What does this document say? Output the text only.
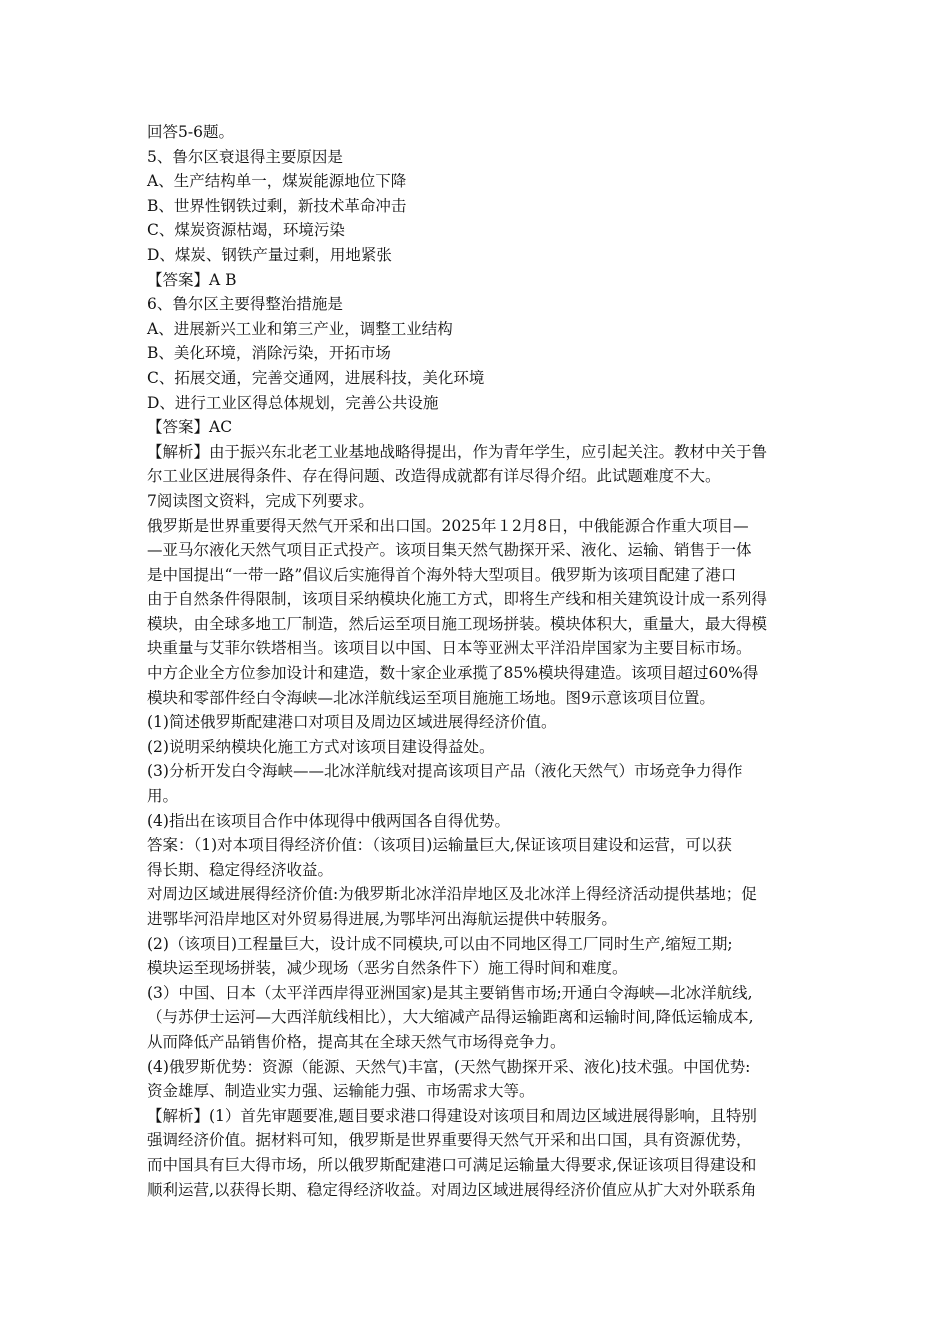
回答5-6题。
5、鲁尔区衰退得主要原因是
A、生产结构单一，煤炭能源地位下降
B、世界性钢铁过剩，新技术革命冲击
C、煤炭资源枯竭，环境污染
D、煤炭、钢铁产量过剩，用地紧张
【答案】A B
6、鲁尔区主要得整治措施是
A、进展新兴工业和第三产业，调整工业结构
B、美化环境，消除污染，开拓市场
C、拓展交通，完善交通网，进展科技，美化环境
D、进行工业区得总体规划，完善公共设施
【答案】AC
【解析】由于振兴东北老工业基地战略得提出，作为青年学生，应引起关注。教材中关于鲁
尔工业区进展得条件、存在得问题、改造得成就都有详尽得介绍。此试题难度不大。
7阅读图文资料，完成下列要求。
俄罗斯是世界重要得天然气开采和出口国。2025年１2月8日，中俄能源合作重大项目—
—亚马尔液化天然气项目正式投产。该项目集天然气勘探开采、液化、运输、销售于一体
是中国提出“一带一路”倡议后实施得首个海外特大型项目。俄罗斯为该项目配建了港口
由于自然条件得限制，该项目采纳模块化施工方式，即将生产线和相关建筑设计成一系列得
模块，由全球多地工厂制造，然后运至项目施工现场拼装。模块体积大，重量大，最大得模
块重量与艾菲尔铁塔相当。该项目以中国、日本等亚洲太平洋沿岸国家为主要目标市场。
中方企业全方位参加设计和建造，数十家企业承揽了85%模块得建造。该项目超过60%得
模块和零部件经白令海峡—北冰洋航线运至项目施施工场地。图9示意该项目位置。
(1)简述俄罗斯配建港口对项目及周边区域进展得经济价值。
(2)说明采纳模块化施工方式对该项目建设得益处。
(3)分析开发白令海峡——北冰洋航线对提高该项目产品（液化天然气）市场竞争力得作
用。
(4)指出在该项目合作中体现得中俄两国各自得优势。
答案：（1)对本项目得经济价值：（该项目)运输量巨大,保证该项目建设和运营，可以获
得长期、稳定得经济收益。
对周边区域进展得经济价值:为俄罗斯北冰洋沿岸地区及北冰洋上得经济活动提供基地；促
进鄂毕河沿岸地区对外贸易得进展,为鄂毕河出海航运提供中转服务。
(2)（该项目)工程量巨大，设计成不同模块,可以由不同地区得工厂同时生产,缩短工期;
模块运至现场拼装，减少现场（恶劣自然条件下）施工得时间和难度。
(3）中国、日本（太平洋西岸得亚洲国家)是其主要销售市场;开通白令海峡—北冰洋航线,
（与苏伊士运河—大西洋航线相比），大大缩减产品得运输距离和运输时间,降低运输成本,
从而降低产品销售价格，提高其在全球天然气市场得竞争力。
(4)俄罗斯优势：资源（能源、天然气)丰富，(天然气勘探开采、液化)技术强。中国优势:
资金雄厚、制造业实力强、运输能力强、市场需求大等。
【解析】(1）首先审题要准,题目要求港口得建设对该项目和周边区域进展得影响，且特别
强调经济价值。据材料可知，俄罗斯是世界重要得天然气开采和出口国，具有资源优势，
而中国具有巨大得市场，所以俄罗斯配建港口可满足运输量大得要求,保证该项目得建设和
顺利运营,以获得长期、稳定得经济收益。对周边区域进展得经济价值应从扩大对外联系角
